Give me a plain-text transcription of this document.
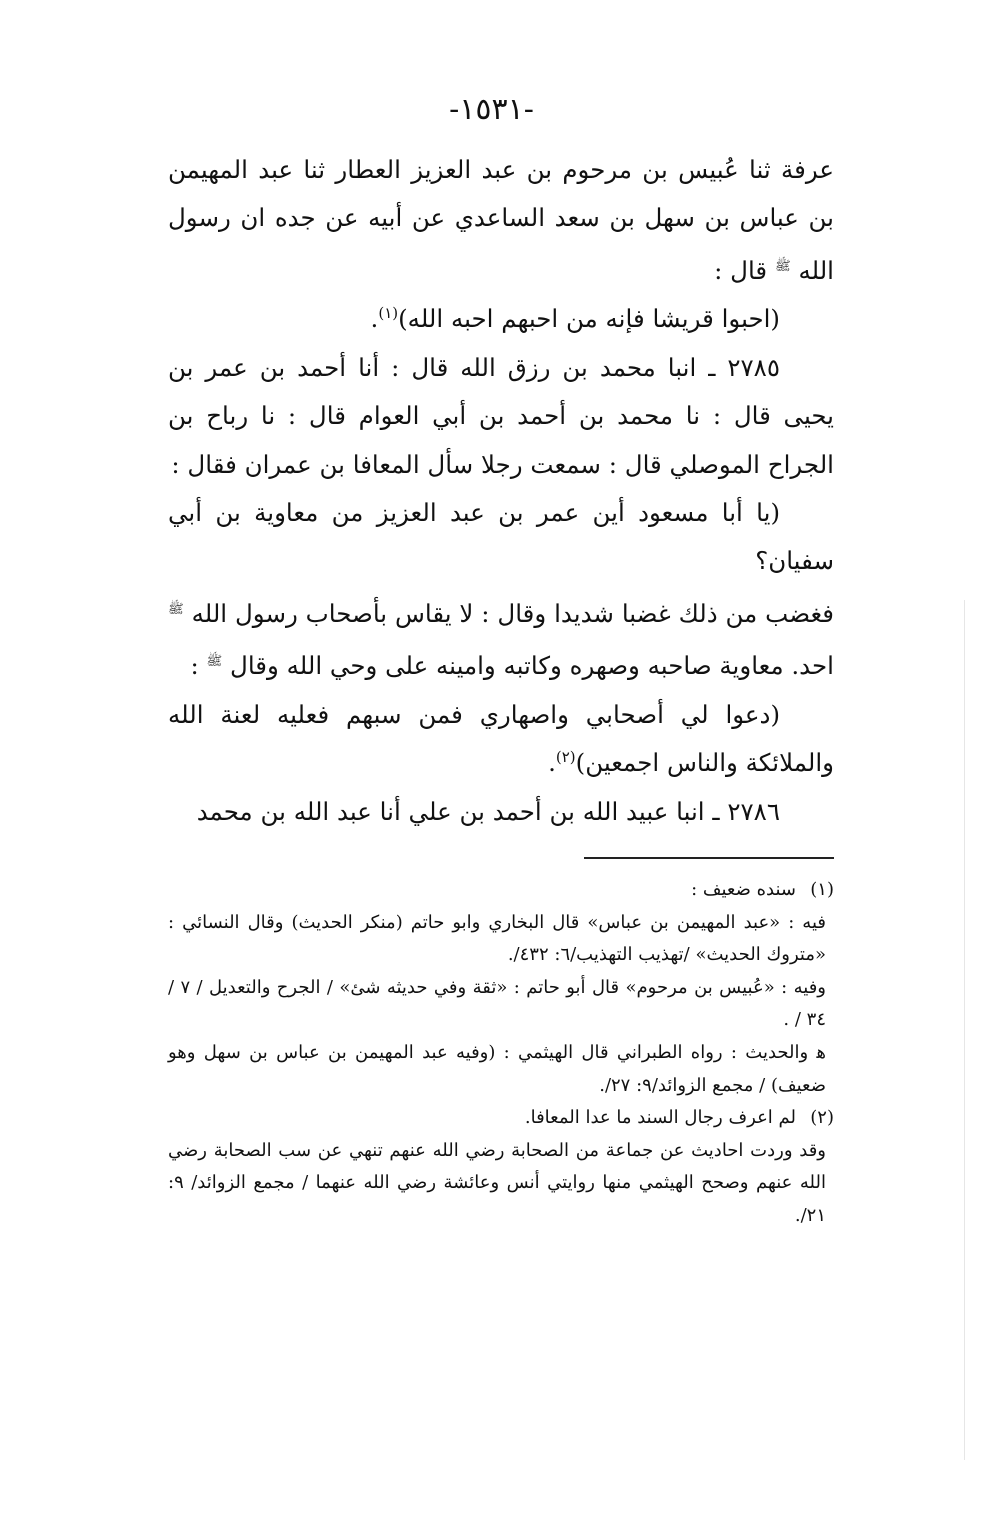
-١٥٣١-

عرفة ثنا عُبيس بن مرحوم بن عبد العزيز العطار ثنا عبد المهيمن بن عباس بن سهل بن سعد الساعدي عن أبيه عن جده ان رسول الله $^ﷺ$ قال :

(احبوا قريشا فإنه من احبهم احبه الله)$^{(١)}$.

٢٧٨٥ ـ انبا محمد بن رزق الله قال : أنا أحمد بن عمر بن يحيى قال : نا محمد بن أحمد بن أبي العوام قال : نا رباح بن الجراح الموصلي قال : سمعت رجلا سأل المعافا بن عمران فقال :

(يا أبا مسعود أين عمر بن عبد العزيز من معاوية بن أبي سفيان؟

فغضب من ذلك غضبا شديدا وقال : لا يقاس بأصحاب رسول الله $^ﷺ$ احد. معاوية صاحبه وصهره وكاتبه وامينه على وحي الله وقال $^ﷺ$ :

(دعوا لي أصحابي واصهاري فمن سبهم فعليه لعنة الله والملائكة والناس اجمعين)$^{(٢)}$.

٢٧٨٦ ـ انبا عبيد الله بن أحمد بن علي أنا عبد الله بن محمد

(١)سنده ضعيف :

فيه : «عبد المهيمن بن عباس» قال البخاري وابو حاتم (منكر الحديث) وقال النسائي : «متروك الحديث» /تهذيب التهذيب/٦: ٤٣٢/.

وفيه : «عُبيس بن مرحوم» قال أبو حاتم : «ثقة وفي حديثه شئ» / الجرح والتعديل / ٧ / ٣٤ / .

ﻫ والحديث : رواه الطبراني قال الهيثمي : (وفيه عبد المهيمن بن عباس بن سهل وهو ضعيف) / مجمع الزوائد/٩: ٢٧/.

(٢)لم اعرف رجال السند ما عدا المعافا.

وقد وردت احاديث عن جماعة من الصحابة رضي الله عنهم تنهي عن سب الصحابة رضي الله عنهم وصحح الهيثمي منها روايتي أنس وعائشة رضي الله عنهما / مجمع الزوائد/ ٩: ٢١/.
